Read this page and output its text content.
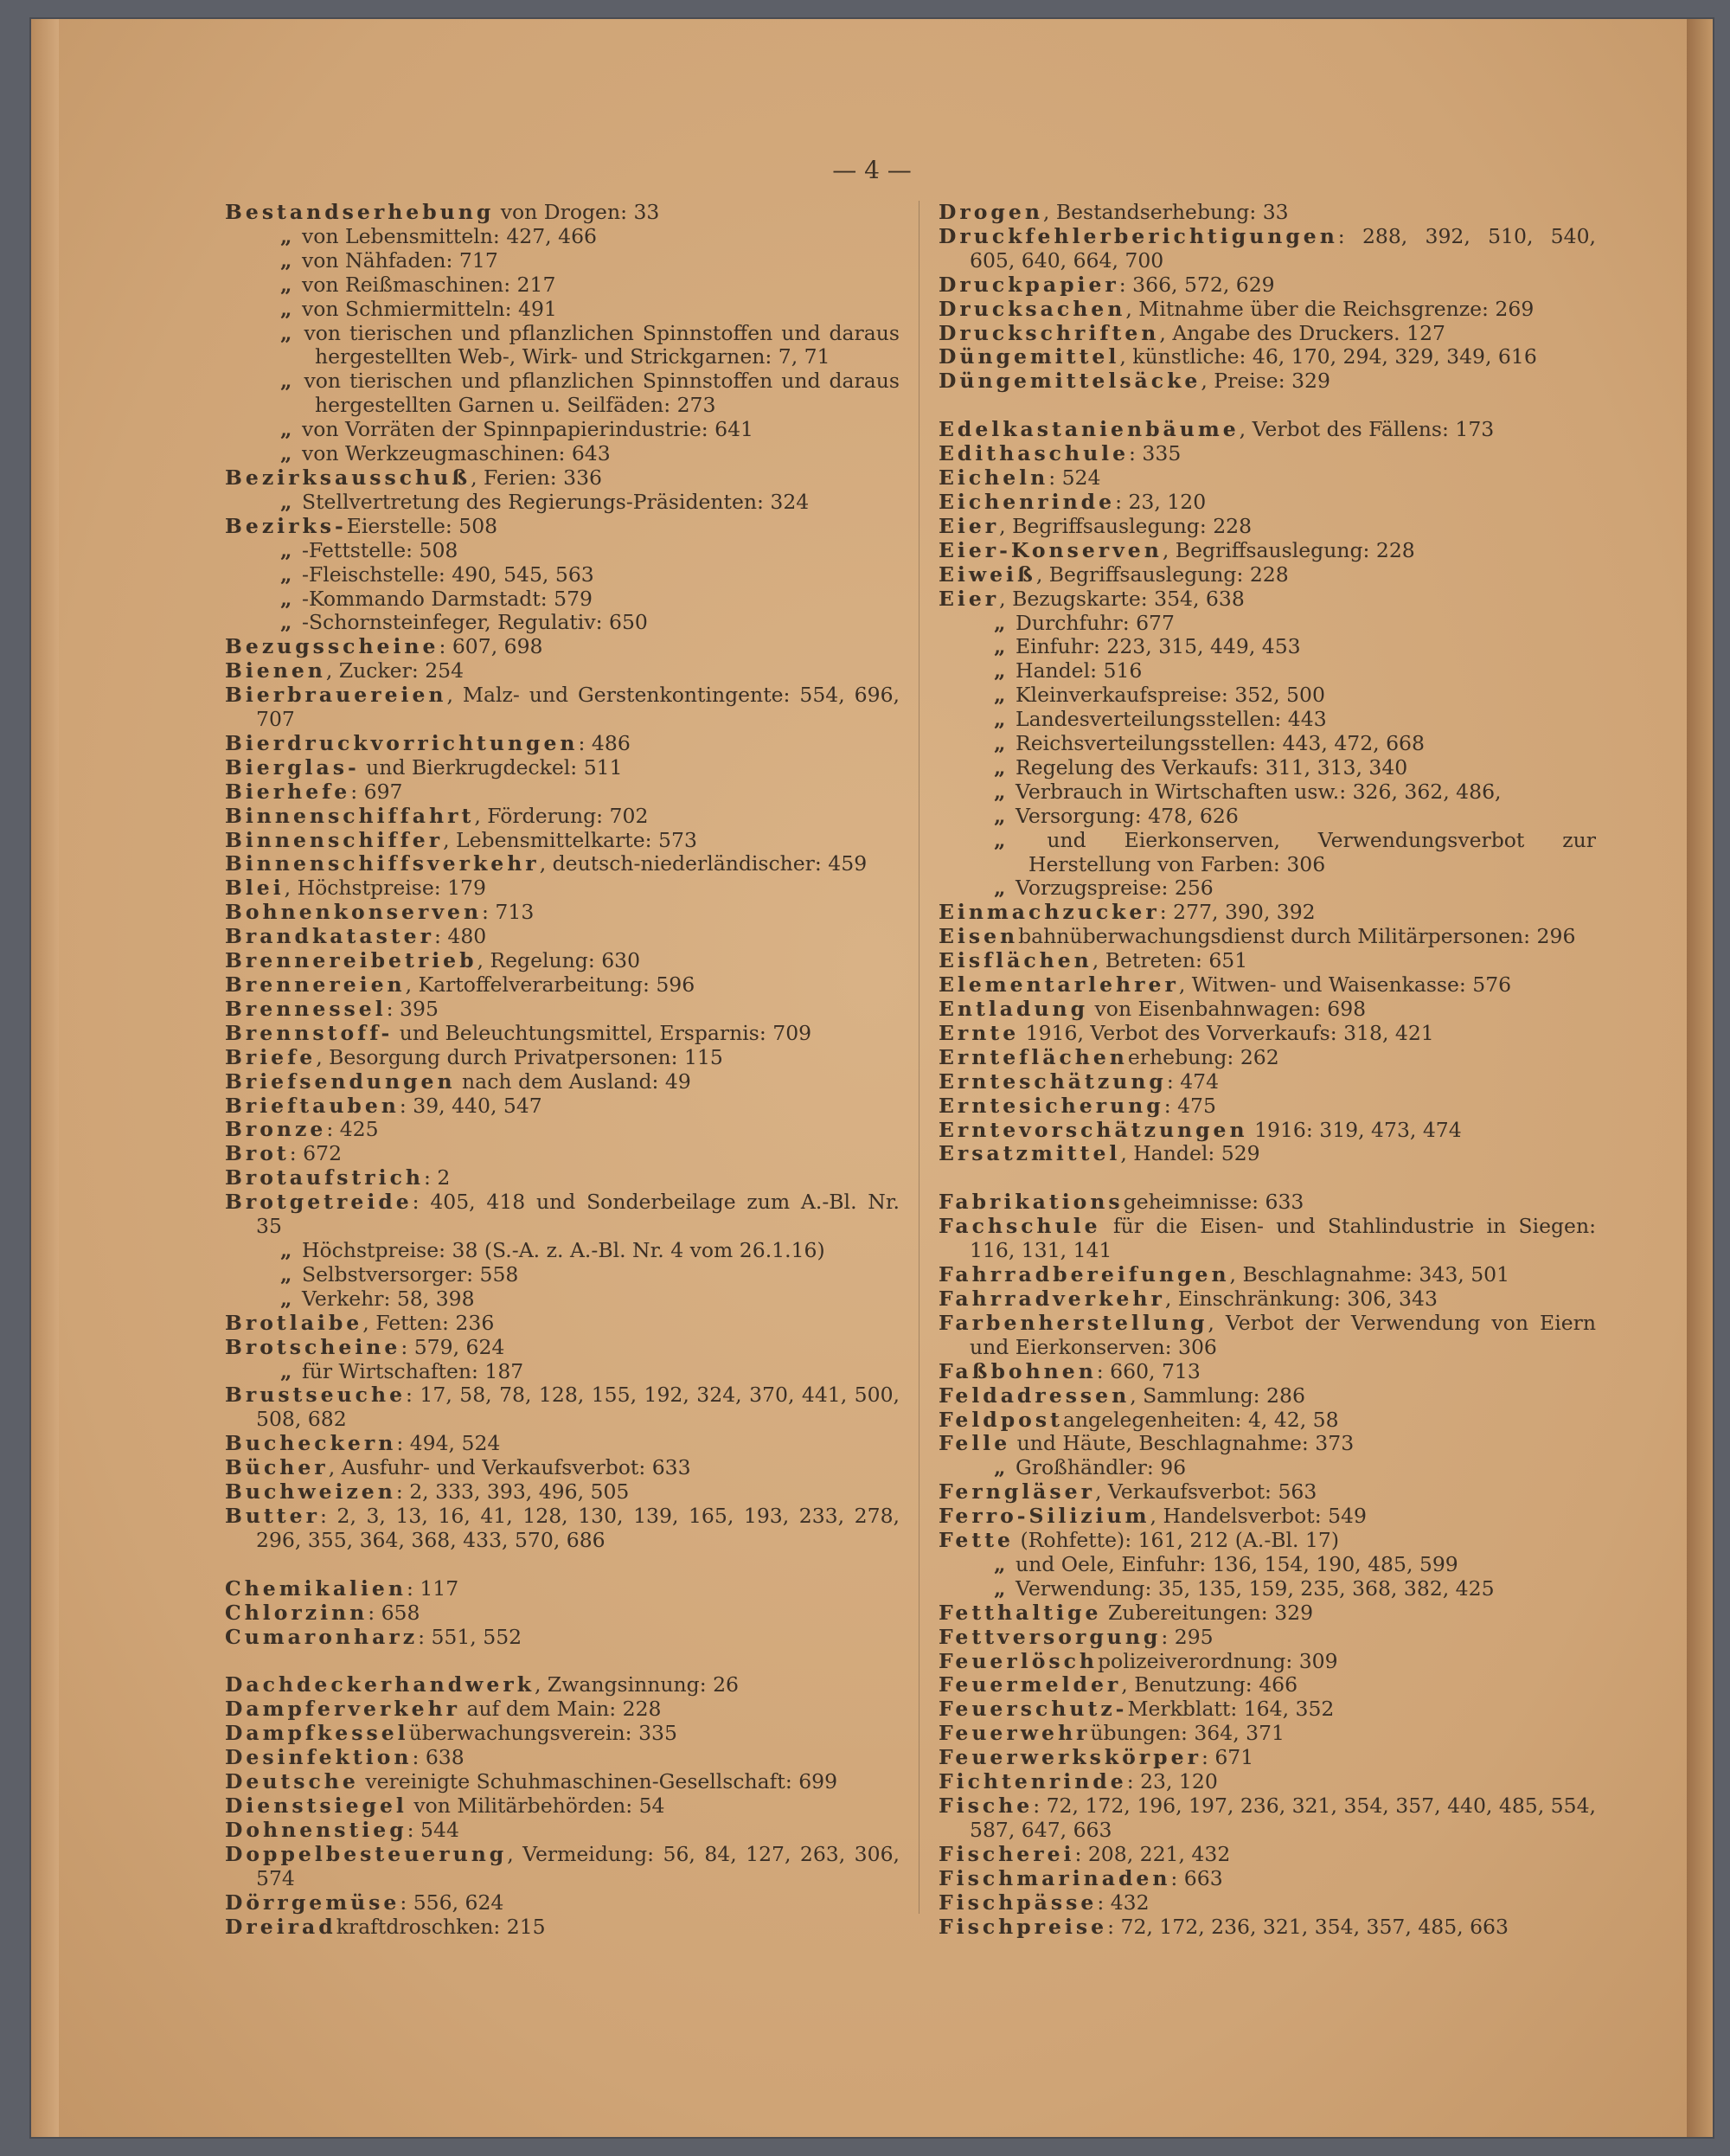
— 4 —

Bestandserhebung von Drogen: 33

„ von Lebensmitteln: 427, 466

„ von Nähfaden: 717

„ von Reißmaschinen: 217

„ von Schmiermitteln: 491

„ von tierischen und pflanzlichen Spinnstoffen und daraus hergestellten Web-, Wirk- und Strickgarnen: 7, 71

„ von tierischen und pflanzlichen Spinnstoffen und daraus hergestellten Garnen u. Seilfäden: 273

„ von Vorräten der Spinnpapierindustrie: 641

„ von Werkzeugmaschinen: 643

Bezirksausschuß, Ferien: 336

„ Stellvertretung des Regierungs-Präsidenten: 324

Bezirks-Eierstelle: 508

„ -Fettstelle: 508

„ -Fleischstelle: 490, 545, 563

„ -Kommando Darmstadt: 579

„ -Schornsteinfeger, Regulativ: 650

Bezugsscheine: 607, 698

Bienen, Zucker: 254

Bierbrauereien, Malz- und Gerstenkontingente: 554, 696, 707

Bierdruckvorrichtungen: 486

Bierglas- und Bierkrugdeckel: 511

Bierhefe: 697

Binnenschiffahrt, Förderung: 702

Binnenschiffer, Lebensmittelkarte: 573

Binnenschiffsverkehr, deutsch-niederländischer: 459

Blei, Höchstpreise: 179

Bohnenkonserven: 713

Brandkataster: 480

Brennereibetrieb, Regelung: 630

Brennereien, Kartoffelverarbeitung: 596

Brennessel: 395

Brennstoff- und Beleuchtungsmittel, Ersparnis: 709

Briefe, Besorgung durch Privatpersonen: 115

Briefsendungen nach dem Ausland: 49

Brieftauben: 39, 440, 547

Bronze: 425

Brot: 672

Brotaufstrich: 2

Brotgetreide: 405, 418 und Sonderbeilage zum A.-Bl. Nr. 35

„ Höchstpreise: 38 (S.-A. z. A.-Bl. Nr. 4 vom 26.1.16)

„ Selbstversorger: 558

„ Verkehr: 58, 398

Brotlaibe, Fetten: 236

Brotscheine: 579, 624

„ für Wirtschaften: 187

Brustseuche: 17, 58, 78, 128, 155, 192, 324, 370, 441, 500, 508, 682

Bucheckern: 494, 524

Bücher, Ausfuhr- und Verkaufsverbot: 633

Buchweizen: 2, 333, 393, 496, 505

Butter: 2, 3, 13, 16, 41, 128, 130, 139, 165, 193, 233, 278, 296, 355, 364, 368, 433, 570, 686

Chemikalien: 117

Chlorzinn: 658

Cumaronharz: 551, 552

Dachdeckerhandwerk, Zwangsinnung: 26

Dampferverkehr auf dem Main: 228

Dampfkesselüberwachungsverein: 335

Desinfektion: 638

Deutsche vereinigte Schuhmaschinen-Gesellschaft: 699

Dienstsiegel von Militärbehörden: 54

Dohnenstieg: 544

Doppelbesteuerung, Vermeidung: 56, 84, 127, 263, 306, 574

Dörrgemüse: 556, 624

Dreiradkraftdroschken: 215

Drogen, Bestandserhebung: 33

Druckfehlerberichtigungen: 288, 392, 510, 540, 605, 640, 664, 700

Druckpapier: 366, 572, 629

Drucksachen, Mitnahme über die Reichsgrenze: 269

Druckschriften, Angabe des Druckers. 127

Düngemittel, künstliche: 46, 170, 294, 329, 349, 616

Düngemittelsäcke, Preise: 329

Edelkastanienbäume, Verbot des Fällens: 173

Edithaschule: 335

Eicheln: 524

Eichenrinde: 23, 120

Eier, Begriffsauslegung: 228

Eier-Konserven, Begriffsauslegung: 228

Eiweiß, Begriffsauslegung: 228

Eier, Bezugskarte: 354, 638

„ Durchfuhr: 677

„ Einfuhr: 223, 315, 449, 453

„ Handel: 516

„ Kleinverkaufspreise: 352, 500

„ Landesverteilungsstellen: 443

„ Reichsverteilungsstellen: 443, 472, 668

„ Regelung des Verkaufs: 311, 313, 340

„ Verbrauch in Wirtschaften usw.: 326, 362, 486,

„ Versorgung: 478, 626

„ und Eierkonserven, Verwendungsverbot zur Herstellung von Farben: 306

„ Vorzugspreise: 256

Einmachzucker: 277, 390, 392

Eisenbahnüberwachungsdienst durch Militärpersonen: 296

Eisflächen, Betreten: 651

Elementarlehrer, Witwen- und Waisenkasse: 576

Entladung von Eisenbahnwagen: 698

Ernte 1916, Verbot des Vorverkaufs: 318, 421

Ernteflächenerhebung: 262

Ernteschätzung: 474

Erntesicherung: 475

Erntevorschätzungen 1916: 319, 473, 474

Ersatzmittel, Handel: 529

Fabrikationsgeheimnisse: 633

Fachschule für die Eisen- und Stahlindustrie in Siegen: 116, 131, 141

Fahrradbereifungen, Beschlagnahme: 343, 501

Fahrradverkehr, Einschränkung: 306, 343

Farbenherstellung, Verbot der Verwendung von Eiern und Eierkonserven: 306

Faßbohnen: 660, 713

Feldadressen, Sammlung: 286

Feldpostangelegenheiten: 4, 42, 58

Felle und Häute, Beschlagnahme: 373

„ Großhändler: 96

Ferngläser, Verkaufsverbot: 563

Ferro-Silizium, Handelsverbot: 549

Fette (Rohfette): 161, 212 (A.-Bl. 17)

„ und Oele, Einfuhr: 136, 154, 190, 485, 599

„ Verwendung: 35, 135, 159, 235, 368, 382, 425

Fetthaltige Zubereitungen: 329

Fettversorgung: 295

Feuerlöschpolizeiverordnung: 309

Feuermelder, Benutzung: 466

Feuerschutz-Merkblatt: 164, 352

Feuerwehrübungen: 364, 371

Feuerwerkskörper: 671

Fichtenrinde: 23, 120

Fische: 72, 172, 196, 197, 236, 321, 354, 357, 440, 485, 554, 587, 647, 663

Fischerei: 208, 221, 432

Fischmarinaden: 663

Fischpässe: 432

Fischpreise: 72, 172, 236, 321, 354, 357, 485, 663
